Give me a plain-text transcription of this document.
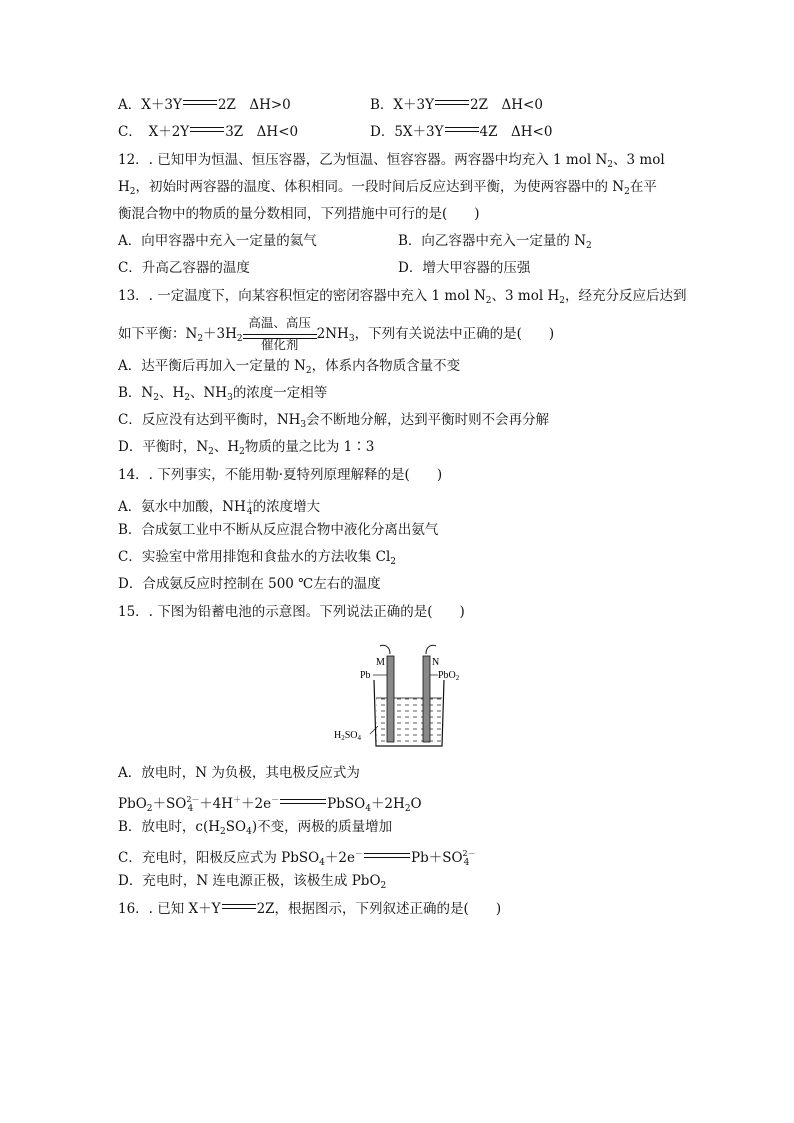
A．X＋3Y	2Z　ΔH>0	B．X＋3Y	2Z　ΔH<0
C．　X＋2Y	3Z　ΔH<0	D．5X＋3Y	4Z　ΔH<0
12．. 已知甲为恒温、恒压容器，乙为恒温、恒容容器。两容器中均充入 1 mol $N_2$、3 mol
$H_2$，初始时两容器的温度、体积相同。一段时间后反应达到平衡，为使两容器中的 $N_2$在平
衡混合物中的物质的量分数相同，下列措施中可行的是(　　)
A．向甲容器中充入一定量的氦气	B．向乙容器中充入一定量的 $N_2$
C．升高乙容器的温度	D．增大甲容器的压强
13．. 一定温度下，向某容积恒定的密闭容器中充入 1 mol $N_2$、3 mol $H_2$，经充分反应后达到
如下平衡：$N_2+3H_2$
高温、高压
催化剂
$2NH_3$，下列有关说法中正确的是(　　)
A．达平衡后再加入一定量的 $N_2$，体系内各物质含量不变
B．$N_2$、$H_2$、$NH_3$的浓度一定相等
C．反应没有达到平衡时，$NH_3$会不断地分解，达到平衡时则不会再分解
D．平衡时，$N_2$、$H_2$物质的量之比为 1∶3
14．. 下列事实，不能用勒·夏特列原理解释的是(　　)
A．氨水中加酸，$NH^+_4$的浓度增大
B．合成氨工业中不断从反应混合物中液化分离出氨气
C．实验室中常用排饱和食盐水的方法收集 $Cl_2$
D．合成氨反应时控制在 500 ℃左右的温度
15．. 下图为铅蓄电池的示意图。下列说法正确的是(　　)
M	N
Pb	PbO$_2$
$H_2SO_4$
A．放电时，N 为负极，其电极反应式为
$PbO_2+SO^{2-}_4 +4H^++2e^-$	$PbSO_4+2H_2O$
B．放电时，$c(H_2SO_4)$不变，两极的质量增加
C．充电时，阳极反应式为 PbSO$_4$＋2e－	$Pb+SO^{2-}_4$
D．充电时，N 连电源正极，该极生成 PbO$_2$
16．. 已知 X＋Y	2Z，根据图示，下列叙述正确的是(　　)
